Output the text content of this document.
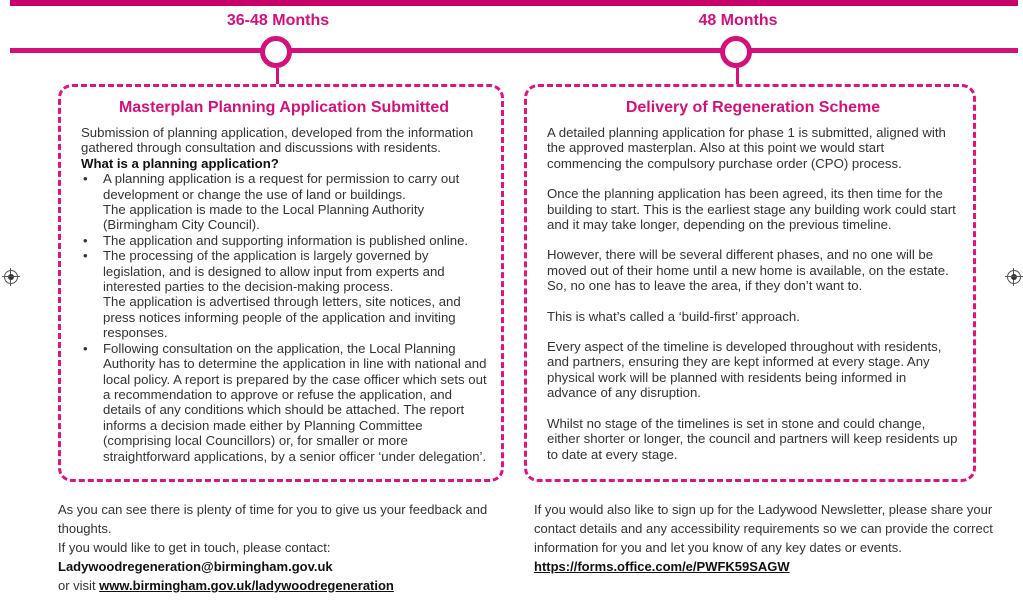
36-48 Months	48 Months
Masterplan Planning Application Submitted

Submission of planning application, developed from the information gathered through consultation and discussions with residents.

What is a planning application?

• A planning application is a request for permission to carry out development or change the use of land or buildings.
The application is made to the Local Planning Authority (Birmingham City Council).
• The application and supporting information is published online.
• The processing of the application is largely governed by legislation, and is designed to allow input from experts and interested parties to the decision-making process.
The application is advertised through letters, site notices, and press notices informing people of the application and inviting responses.
• Following consultation on the application, the Local Planning Authority has to determine the application in line with national and local policy. A report is prepared by the case officer which sets out a recommendation to approve or refuse the application, and details of any conditions which should be attached. The report informs a decision made either by Planning Committee (comprising local Councillors) or, for smaller or more straightforward applications, by a senior officer ‘under delegation’.
Delivery of Regeneration Scheme

A detailed planning application for phase 1 is submitted, aligned with the approved masterplan. Also at this point we would start commencing the compulsory purchase order (CPO) process.

Once the planning application has been agreed, its then time for the building to start. This is the earliest stage any building work could start and it may take longer, depending on the previous timeline.

However, there will be several different phases, and no one will be moved out of their home until a new home is available, on the estate. So, no one has to leave the area, if they don’t want to.

This is what’s called a ‘build-first’ approach.

Every aspect of the timeline is developed throughout with residents, and partners, ensuring they are kept informed at every stage. Any physical work will be planned with residents being informed in advance of any disruption.

Whilst no stage of the timelines is set in stone and could change, either shorter or longer, the council and partners will keep residents up to date at every stage.

As you can see there is plenty of time for you to give us your feedback and thoughts.
If you would like to get in touch, please contact:
Ladywoodregeneration@birmingham.gov.uk
or visit www.birmingham.gov.uk/ladywoodregeneration
If you would also like to sign up for the Ladywood Newsletter, please share your contact details and any accessibility requirements so we can provide the correct information for you and let you know of any key dates or events.
https://forms.office.com/e/PWFK59SAGW
